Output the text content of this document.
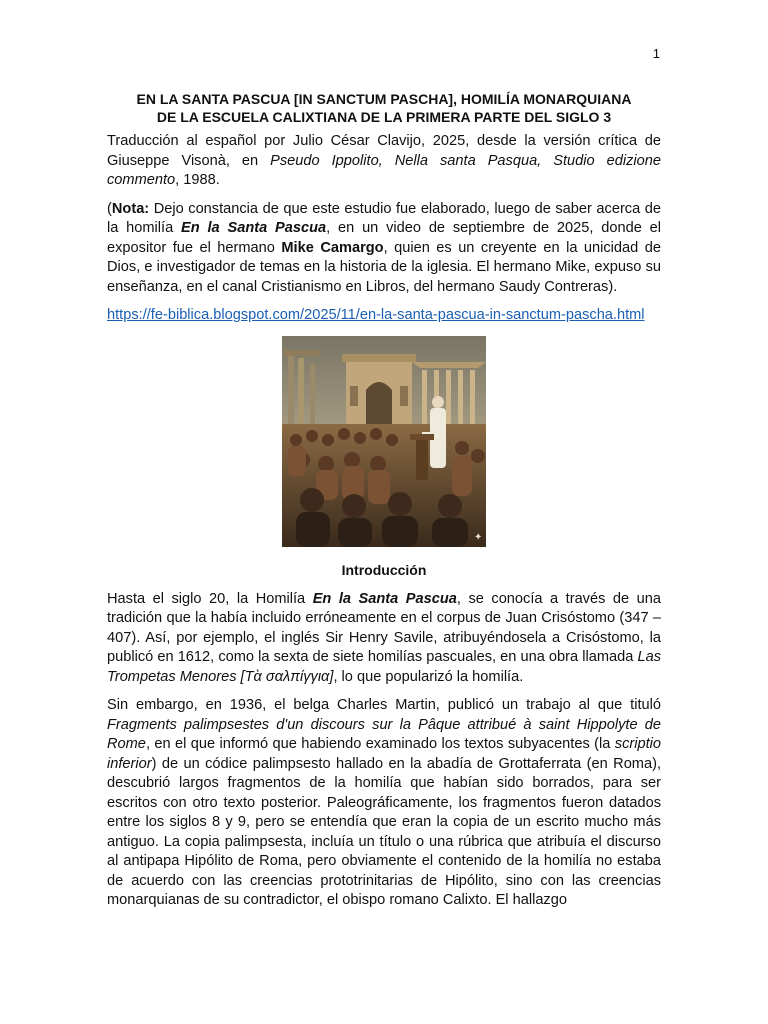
1
EN LA SANTA PASCUA [IN SANCTUM PASCHA], HOMILÍA MONARQUIANA
DE LA ESCUELA CALIXTIANA DE LA PRIMERA PARTE DEL SIGLO 3

Traducción al español por Julio César Clavijo, 2025, desde la versión crítica de Giuseppe Visonà, en Pseudo Ippolito, Nella santa Pasqua, Studio edizione commento, 1988.

(Nota: Dejo constancia de que este estudio fue elaborado, luego de saber acerca de la homilía En la Santa Pascua, en un video de septiembre de 2025, donde el expositor fue el hermano Mike Camargo, quien es un creyente en la unicidad de Dios, e investigador de temas en la historia de la iglesia. El hermano Mike, expuso su enseñanza, en el canal Cristianismo en Libros, del hermano Saudy Contreras).

https://fe-biblica.blogspot.com/2025/11/en-la-santa-pascua-in-sanctum-pascha.html

✦
Introducción

Hasta el siglo 20, la Homilía En la Santa Pascua, se conocía a través de una tradición que la había incluido erróneamente en el corpus de Juan Crisóstomo (347 – 407). Así, por ejemplo, el inglés Sir Henry Savile, atribuyéndosela a Crisóstomo, la publicó en 1612, como la sexta de siete homilías pascuales, en una obra llamada Las Trompetas Menores [Τὰ σαλπίγγια], lo que popularizó la homilía.

Sin embargo, en 1936, el belga Charles Martin, publicó un trabajo al que tituló Fragments palimpsestes d'un discours sur la Pâque attribué à saint Hippolyte de Rome, en el que informó que habiendo examinado los textos subyacentes (la scriptio inferior) de un códice palimpsesto hallado en la abadía de Grottaferrata (en Roma), descubrió largos fragmentos de la homilía que habían sido borrados, para ser escritos con otro texto posterior. Paleográficamente, los fragmentos fueron datados entre los siglos 8 y 9, pero se entendía que eran la copia de un escrito mucho más antiguo. La copia palimpsesta, incluía un título o una rúbrica que atribuía el discurso al antipapa Hipólito de Roma, pero obviamente el contenido de la homilía no estaba de acuerdo con las creencias prototrinitarias de Hipólito, sino con las creencias monarquianas de su contradictor, el obispo romano Calixto. El hallazgo
